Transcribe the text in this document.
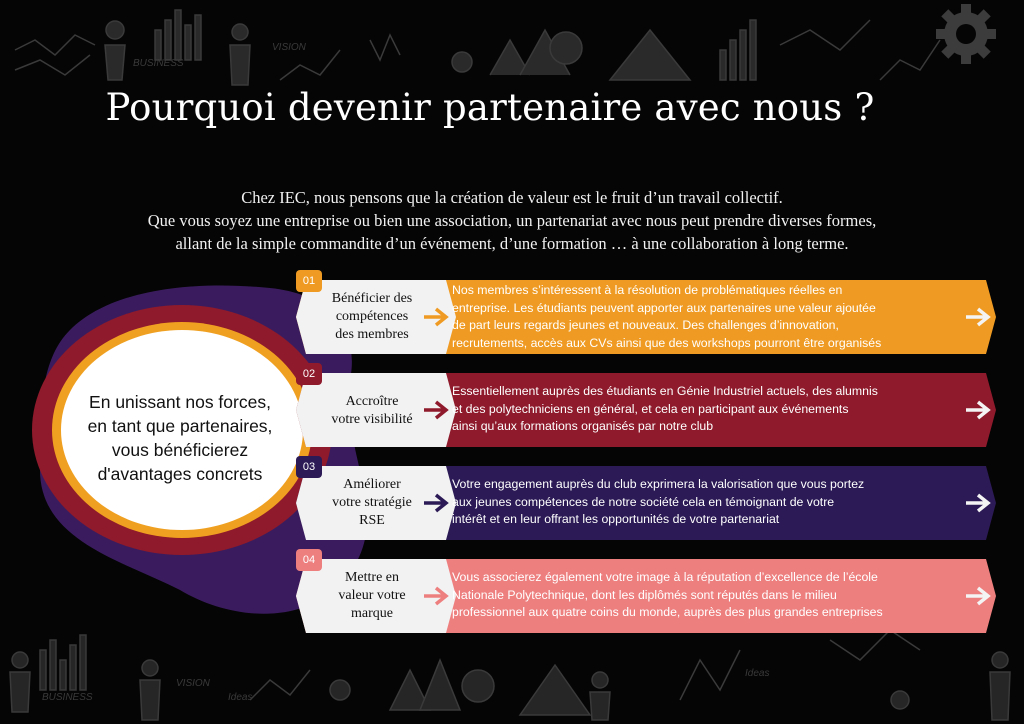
BUSINESS
VISION
BUSINESS
VISION
Ideas
Ideas
Pourquoi devenir partenaire avec nous ?
Chez IEC, nous pensons que la création de valeur est le fruit d’un travail collectif.
Que vous soyez une entreprise ou bien une association, un partenariat avec nous peut prendre diverses formes,
allant de la simple commandite d’un événement, d’une formation … à une collaboration à long terme.
En unissant nos forces,
en tant que partenaires,
vous bénéficierez
d'avantages concrets
01
Bénéficier des
compétences
des membres
Nos membres s’intéressent à la résolution de problématiques réelles en
entreprise. Les étudiants peuvent apporter aux partenaires une valeur ajoutée
de part leurs regards jeunes et nouveaux. Des challenges d’innovation,
recrutements, accès aux CVs ainsi que des workshops pourront être organisés
02
Accroître
votre visibilité
Essentiellement auprès des étudiants en Génie Industriel actuels, des alumnis
et des polytechniciens en général, et cela en participant aux événements
ainsi qu’aux formations organisés par notre club
03
Améliorer
votre stratégie
RSE
Votre engagement auprès du club exprimera la valorisation que vous portez
aux jeunes compétences de notre société cela en témoignant de votre
intérêt et en leur offrant les opportunités de votre partenariat
04
Mettre en
valeur votre
marque
Vous associerez également votre image à la réputation d’excellence de l’école
Nationale Polytechnique, dont les diplômés sont réputés dans le milieu
professionnel aux quatre coins du monde, auprès des plus grandes entreprises
